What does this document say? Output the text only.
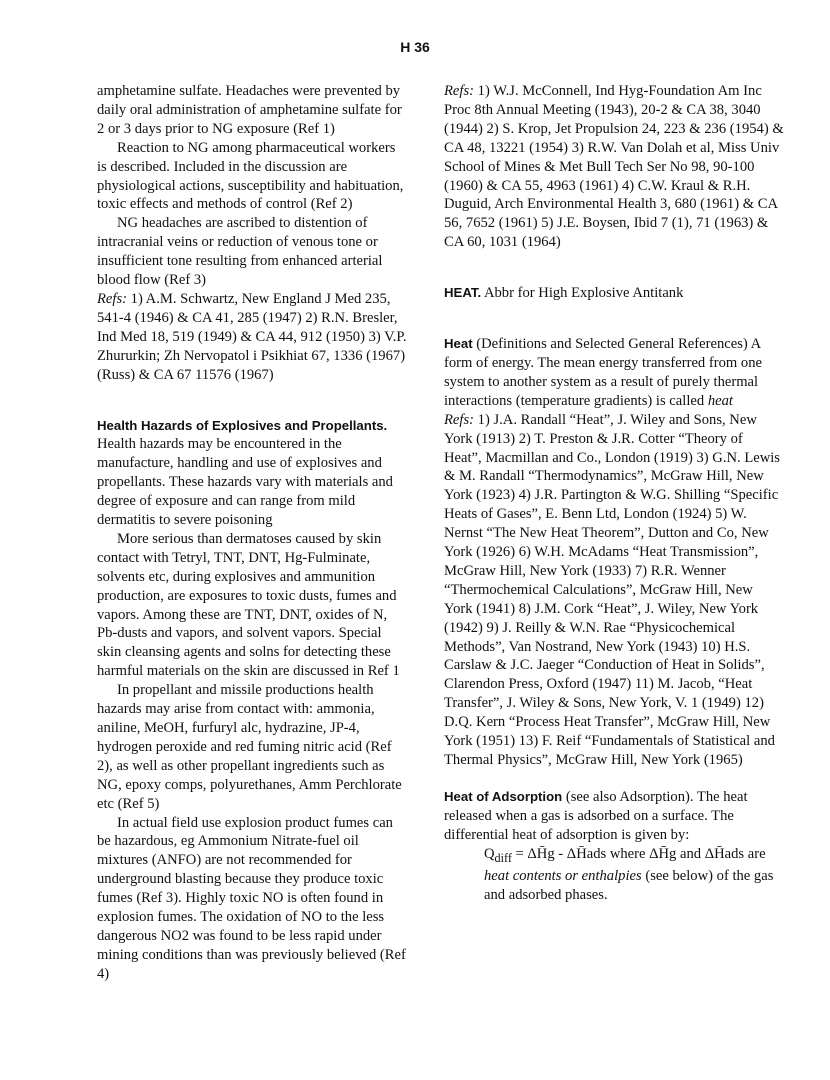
H 36

amphetamine sulfate. Headaches were prevented by daily oral administration of amphetamine sulfate for 2 or 3 days prior to NG exposure (Ref 1)

Reaction to NG among pharmaceutical workers is described. Included in the discussion are physiological actions, susceptibility and habituation, toxic effects and methods of control (Ref 2)

NG headaches are ascribed to distention of intracranial veins or reduction of venous tone or insufficient tone resulting from enhanced arterial blood flow (Ref 3)

Refs: 1) A.M. Schwartz, New England J Med 235, 541-4 (1946) & CA 41, 285 (1947) 2) R.N. Bresler, Ind Med 18, 519 (1949) & CA 44, 912 (1950) 3) V.P. Zhururkin; Zh Nervopatol i Psikhiat 67, 1336 (1967) (Russ) & CA 67 11576 (1967)

Health Hazards of Explosives and Propellants.

Health hazards may be encountered in the manufacture, handling and use of explosives and propellants. These hazards vary with materials and degree of exposure and can range from mild dermatitis to severe poisoning

More serious than dermatoses caused by skin contact with Tetryl, TNT, DNT, Hg-Fulminate, solvents etc, during explosives and ammunition production, are exposures to toxic dusts, fumes and vapors. Among these are TNT, DNT, oxides of N, Pb-dusts and vapors, and solvent vapors. Special skin cleansing agents and solns for detecting these harmful materials on the skin are discussed in Ref 1

In propellant and missile productions health hazards may arise from contact with: ammonia, aniline, MeOH, furfuryl alc, hydrazine, JP-4, hydrogen peroxide and red fuming nitric acid (Ref 2), as well as other propellant ingredients such as NG, epoxy comps, polyurethanes, Amm Perchlorate etc (Ref 5)

In actual field use explosion product fumes can be hazardous, eg Ammonium Nitrate-fuel oil mixtures (ANFO) are not recommended for underground blasting because they produce toxic fumes (Ref 3). Highly toxic NO is often found in explosion fumes. The oxidation of NO to the less dangerous NO2 was found to be less rapid under mining conditions than was previously believed (Ref 4)

Refs: 1) W.J. McConnell, Ind Hyg-Foundation Am Inc Proc 8th Annual Meeting (1943), 20-2 & CA 38, 3040 (1944) 2) S. Krop, Jet Propulsion 24, 223 & 236 (1954) & CA 48, 13221 (1954) 3) R.W. Van Dolah et al, Miss Univ School of Mines & Met Bull Tech Ser No 98, 90-100 (1960) & CA 55, 4963 (1961) 4) C.W. Kraul & R.H. Duguid, Arch Environmental Health 3, 680 (1961) & CA 56, 7652 (1961) 5) J.E. Boysen, Ibid 7 (1), 71 (1963) & CA 60, 1031 (1964)

HEAT. Abbr for High Explosive Antitank

Heat (Definitions and Selected General References) A form of energy. The mean energy transferred from one system to another system as a result of purely thermal interactions (temperature gradients) is called heat

Refs: 1) J.A. Randall “Heat”, J. Wiley and Sons, New York (1913) 2) T. Preston & J.R. Cotter “Theory of Heat”, Macmillan and Co., London (1919) 3) G.N. Lewis & M. Randall “Thermodynamics”, McGraw Hill, New York (1923) 4) J.R. Partington & W.G. Shilling “Specific Heats of Gases”, E. Benn Ltd, London (1924) 5) W. Nernst “The New Heat Theorem”, Dutton and Co, New York (1926) 6) W.H. McAdams “Heat Transmission”, McGraw Hill, New York (1933) 7) R.R. Wenner “Thermochemical Calculations”, McGraw Hill, New York (1941) 8) J.M. Cork “Heat”, J. Wiley, New York (1942) 9) J. Reilly & W.N. Rae “Physicochemical Methods”, Van Nostrand, New York (1943) 10) H.S. Carslaw & J.C. Jaeger “Conduction of Heat in Solids”, Clarendon Press, Oxford (1947) 11) M. Jacob, “Heat Transfer”, J. Wiley & Sons, New York, V. 1 (1949) 12) D.Q. Kern “Process Heat Transfer”, McGraw Hill, New York (1951) 13) F. Reif “Fundamentals of Statistical and Thermal Physics”, McGraw Hill, New York (1965)

Heat of Adsorption (see also Adsorption). The heat released when a gas is adsorbed on a surface. The differential heat of adsorption is given by:

$Q_{diff}$ = ΔH̄g - ΔH̄ads where ΔH̄g and ΔH̄ads are heat contents or enthalpies (see below) of the gas and adsorbed phases.
